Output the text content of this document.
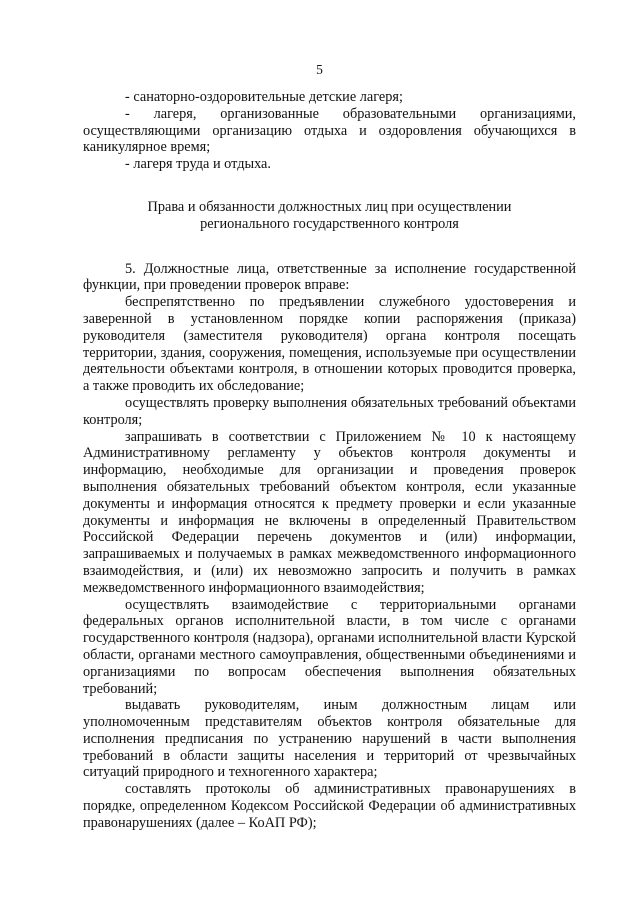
5

- санаторно-оздоровительные детские лагеря;

- лагеря, организованные образовательными организациями, осуществляющими организацию отдыха и оздоровления обучающихся в каникулярное время;

- лагеря труда и отдыха.

Права и обязанности должностных лиц при осуществлении
регионального государственного контроля

5. Должностные лица, ответственные за исполнение государственной функции, при проведении проверок вправе:

беспрепятственно по предъявлении служебного удостоверения и заверенной в установленном порядке копии распоряжения (приказа) руководителя (заместителя руководителя) органа контроля посещать территории, здания, сооружения, помещения, используемые при осуществлении деятельности объектами контроля, в отношении которых проводится проверка, а также проводить их обследование;

осуществлять проверку выполнения обязательных требований объектами контроля;

запрашивать в соответствии с Приложением № 10 к настоящему Административному регламенту у объектов контроля документы и информацию, необходимые для организации и проведения проверок выполнения обязательных требований объектом контроля, если указанные документы и информация относятся к предмету проверки и если указанные документы и информация не включены в определенный Правительством Российской Федерации перечень документов и (или) информации, запрашиваемых и получаемых в рамках межведомственного информационного взаимодействия, и (или) их невозможно запросить и получить в рамках межведомственного информационного взаимодействия;

осуществлять взаимодействие с территориальными органами федеральных органов исполнительной власти, в том числе с органами государственного контроля (надзора), органами исполнительной власти Курской области, органами местного самоуправления, общественными объединениями и организациями по вопросам обеспечения выполнения обязательных требований;

выдавать руководителям, иным должностным лицам или уполномоченным представителям объектов контроля обязательные для исполнения предписания по устранению нарушений в части выполнения требований в области защиты населения и территорий от чрезвычайных ситуаций природного и техногенного характера;

составлять протоколы об административных правонарушениях в порядке, определенном Кодексом Российской Федерации об административных правонарушениях (далее – КоАП РФ);
